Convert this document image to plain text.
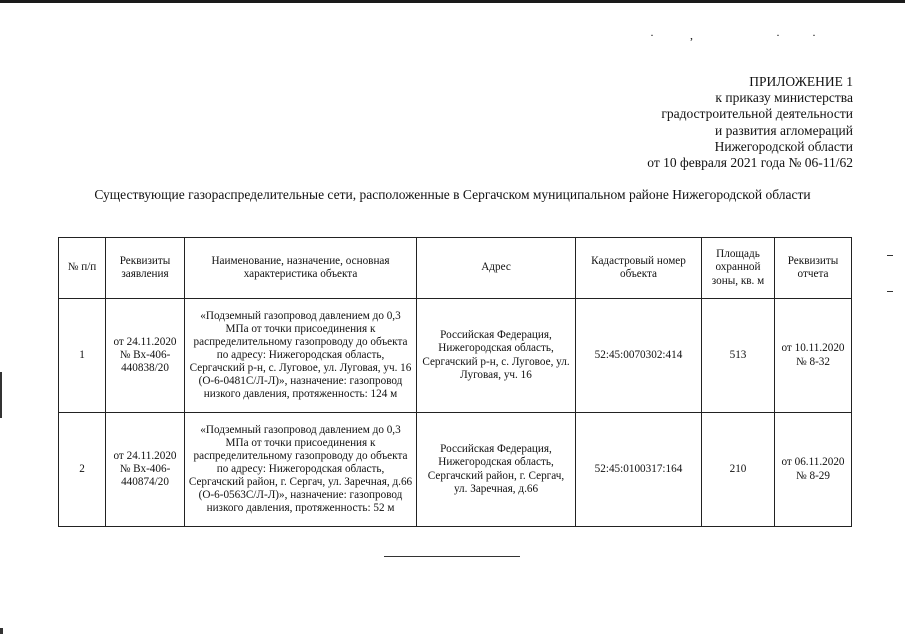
·	,	·	·
ПРИЛОЖЕНИЕ 1
к приказу министерства
градостроительной деятельности
и развития агломераций
Нижегородской области
от 10 февраля 2021 года № 06-11/62
Существующие газораспределительные сети, расположенные в Сергачском муниципальном районе Нижегородской области
№ п/п	Реквизиты заявления	Наименование, назначение, основная характеристика объекта	Адрес	Кадастровый номер объекта	Площадь охранной зоны, кв. м	Реквизиты отчета
1	от 24.11.2020 № Вх-406-440838/20	«Подземный газопровод давлением до 0,3 МПа от точки присоединения к распределительному газопроводу до объекта по адресу: Нижегородская область, Сергачский р-н, с. Луговое, ул. Луговая, уч. 16 (О-6-0481С/Л-Л)», назначение: газопровод низкого давления, протяженность: 124 м	Российская Федерация, Нижегородская область, Сергачский р-н, с. Луговое, ул. Луговая, уч. 16	52:45:0070302:414	513	от 10.11.2020 № 8-32
2	от 24.11.2020 № Вх-406-440874/20	«Подземный газопровод давлением до 0,3 МПа от точки присоединения к распределительному газопроводу до объекта по адресу: Нижегородская область, Сергачский район, г. Сергач, ул. Заречная, д.66 (О-6-0563С/Л-Л)», назначение: газопровод низкого давления, протяженность: 52 м	Российская Федерация, Нижегородская область, Сергачский район, г. Сергач, ул. Заречная, д.66	52:45:0100317:164	210	от 06.11.2020 № 8-29
